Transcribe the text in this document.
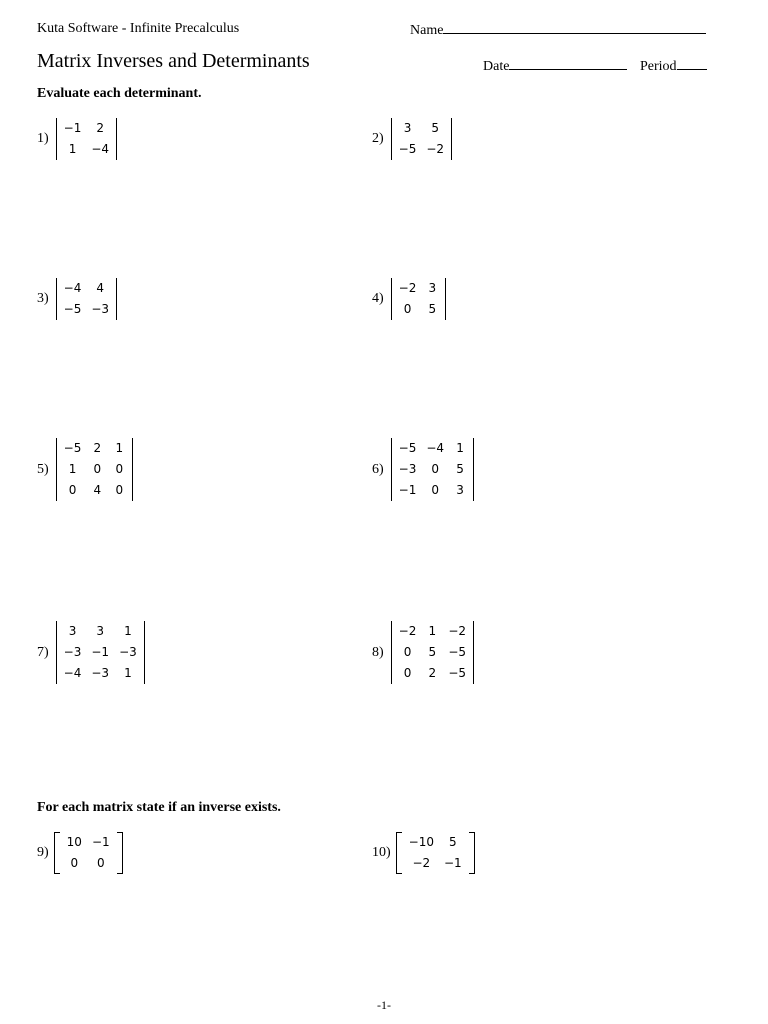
Kuta Software - Infinite Precalculus	Name
Matrix Inverses and Determinants	Date	Period
Evaluate each determinant.
1)
−1	2
1	−4
2)
3	5
−5	−2
3)
−4	4
−5	−3
4)
−2	3
0	5
5)
−5	2	1
1	0	0
0	4	0
6)
−5	−4	1
−3	0	5
−1	0	3
7)
3	3	1
−3	−1	−3
−4	−3	1
8)
−2	1	−2
0	5	−5
0	2	−5
9)
10	−1
0	0
10)
−10	5
−2	−1
For each matrix state if an inverse exists.
-1-
